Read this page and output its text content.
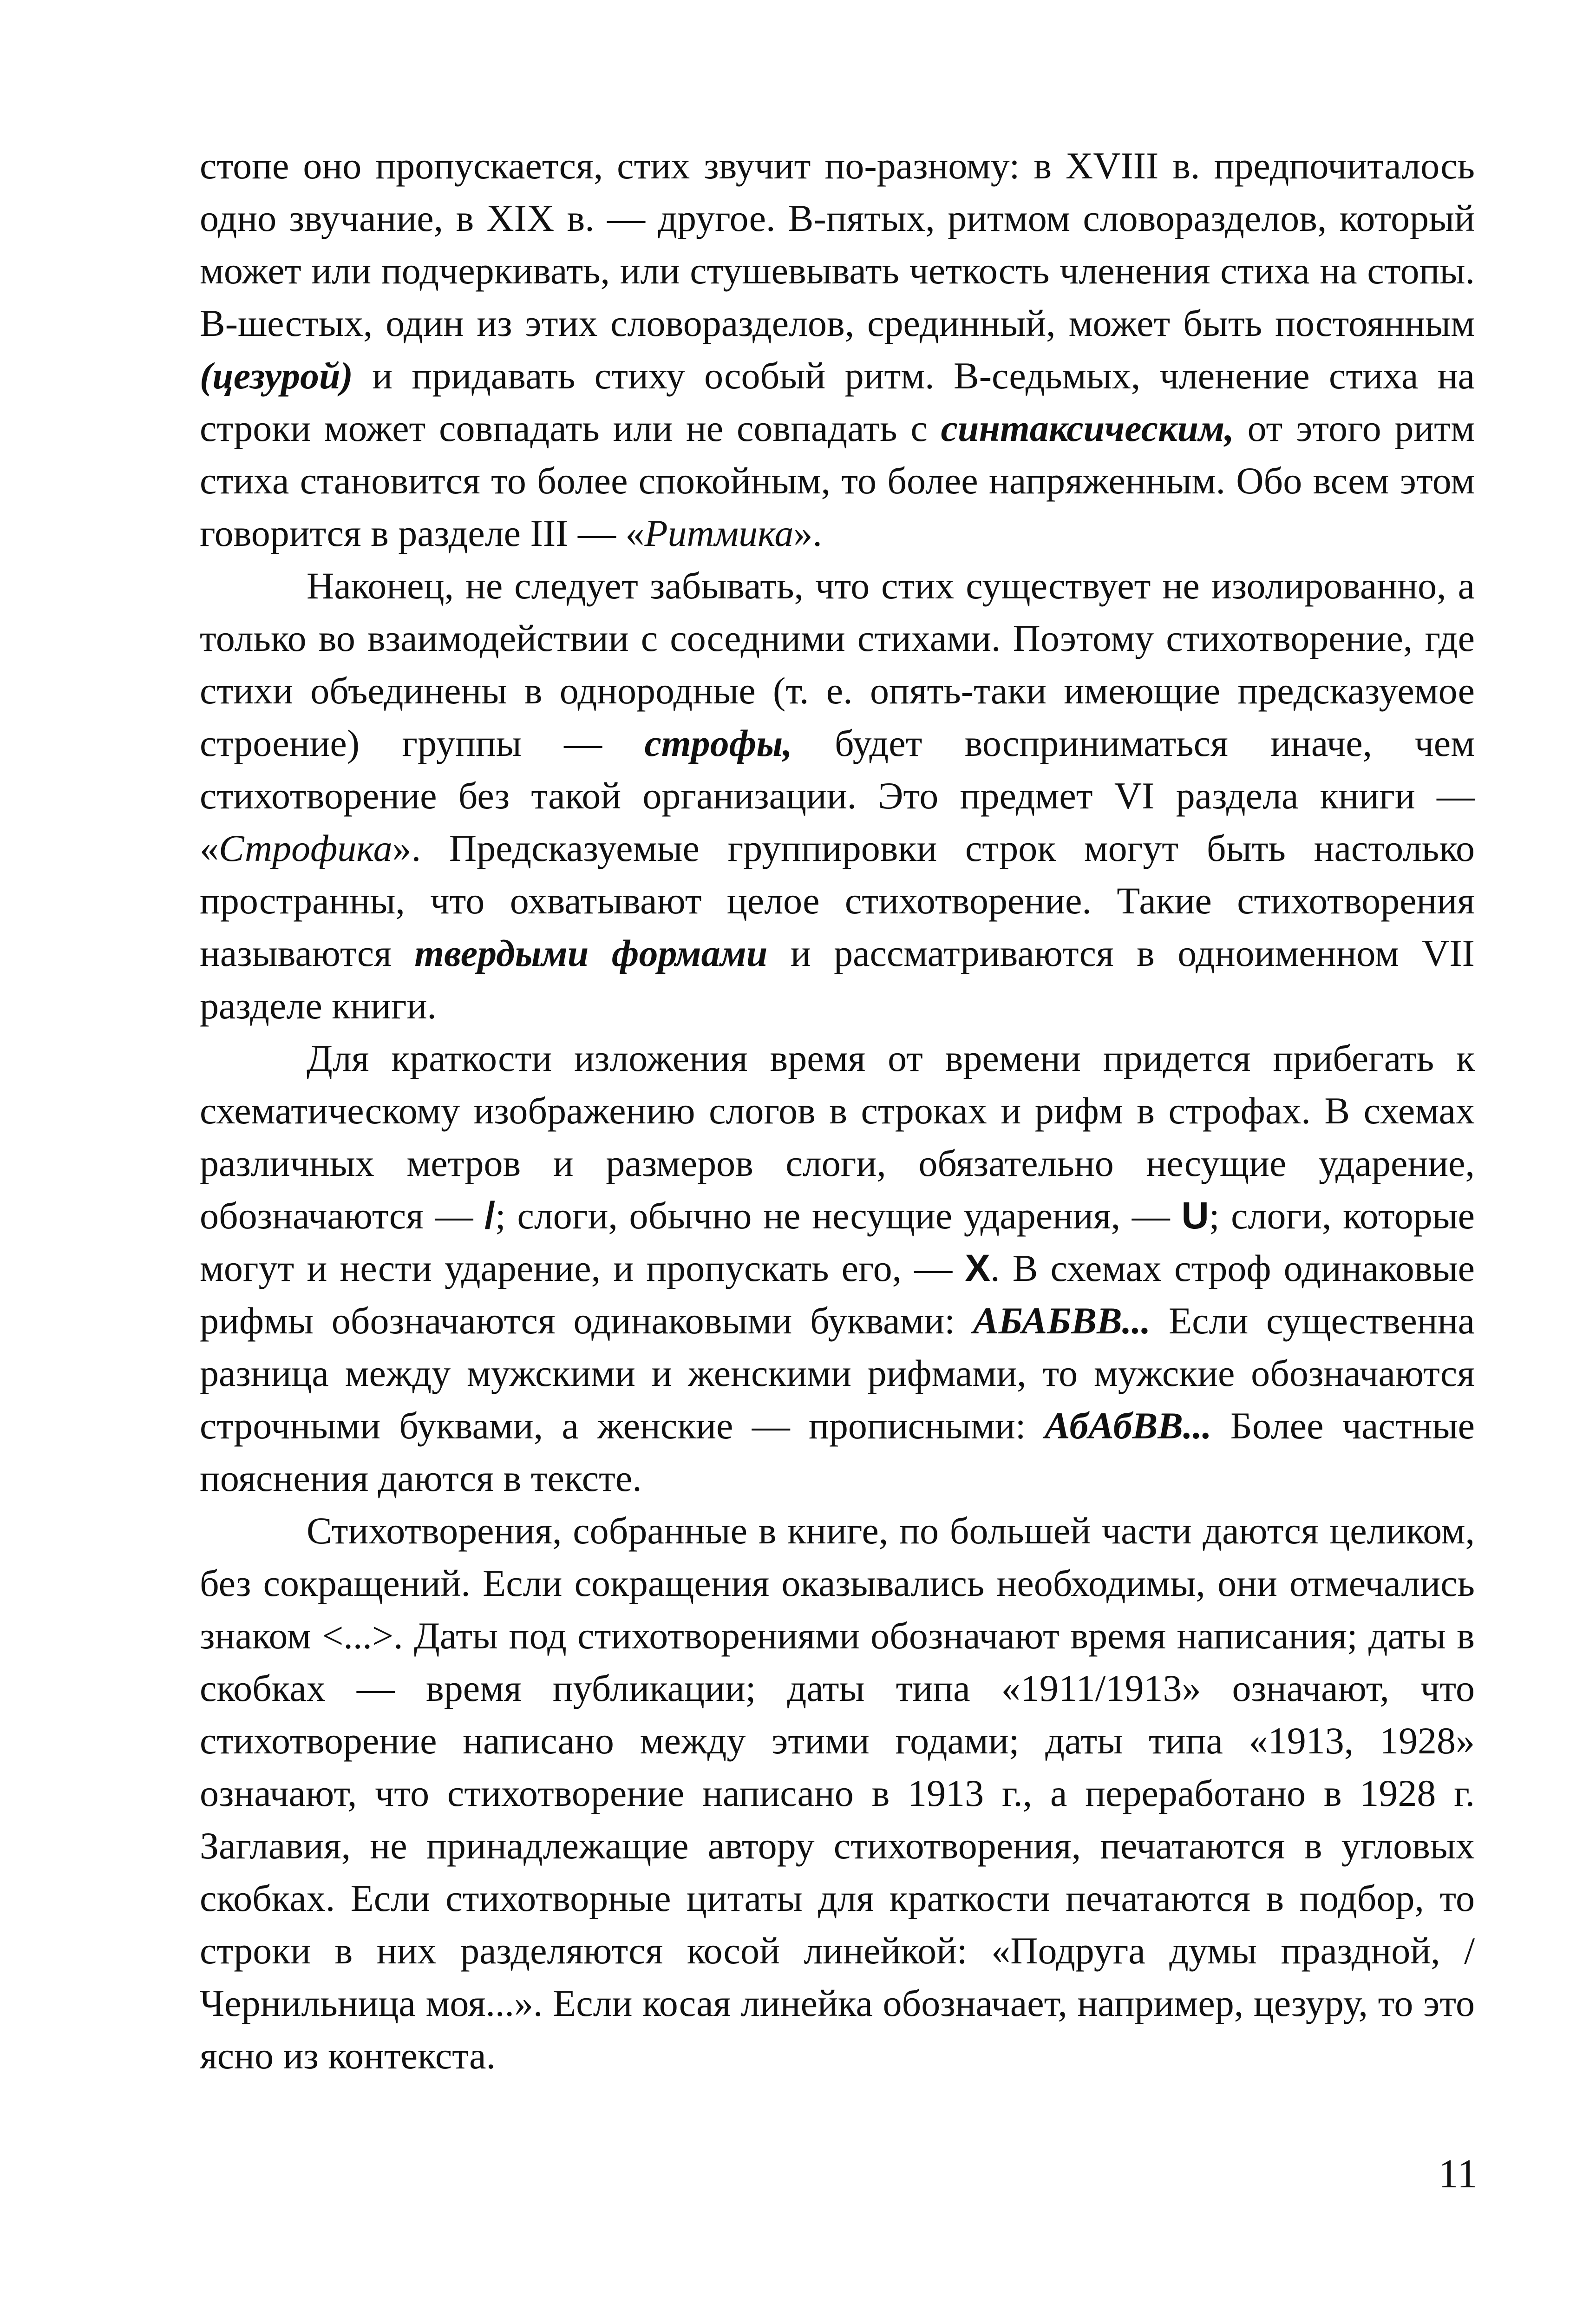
стопе оно пропускается, стих звучит по-разному: в XVIII в. предпочиталось одно звучание, в XIX в. — другое. В-пятых, ритмом словоразделов, который может или подчеркивать, или стушевывать четкость членения стиха на стопы. В-шестых, один из этих словоразделов, срединный, может быть постоянным (цезурой) и придавать стиху особый ритм. В-седьмых, членение стиха на строки может совпадать или не совпадать с синтаксическим, от этого ритм стиха становится то более спокойным, то более напряженным. Обо всем этом говорится в разделе III — «Ритмика».

Наконец, не следует забывать, что стих существует не изолированно, а только во взаимодействии с соседними стихами. Поэтому стихотворение, где стихи объединены в однородные (т. е. опять-таки имеющие предсказуемое строение) группы — строфы, будет восприниматься иначе, чем стихотворение без такой организации. Это предмет VI раздела книги — «Строфика». Предсказуемые группировки строк могут быть настолько пространны, что охватывают целое стихотворение. Такие стихотворения называются твердыми формами и рассматриваются в одноименном VII разделе книги.

Для краткости изложения время от времени придется прибегать к схематическому изображению слогов в строках и рифм в строфах. В схемах различных метров и размеров слоги, обязательно несущие ударение, обозначаются — /; слоги, обычно не несущие ударения, — U; слоги, которые могут и нести ударение, и пропускать его, — X. В схемах строф одинаковые рифмы обозначаются одинаковыми буквами: АБАБВВ... Если существенна разница между мужскими и женскими рифмами, то мужские обозначаются строчными буквами, а женские — прописными: АбАбВВ... Более частные пояснения даются в тексте.

Стихотворения, собранные в книге, по большей части даются целиком, без сокращений. Если сокращения оказывались необходимы, они отмечались знаком <...>. Даты под стихотворениями обозначают время написания; даты в скобках — время публикации; даты типа «1911/1913» означают, что стихотворение написано между этими годами; даты типа «1913, 1928» означают, что стихотворение написано в 1913 г., а переработано в 1928 г. Заглавия, не принадлежащие автору стихотворения, печатаются в угловых скобках. Если стихотворные цитаты для краткости печатаются в подбор, то строки в них разделяются косой линейкой: «Подруга думы праздной, / Чернильница моя...». Если косая линейка обозначает, например, цезуру, то это ясно из контекста.

11
